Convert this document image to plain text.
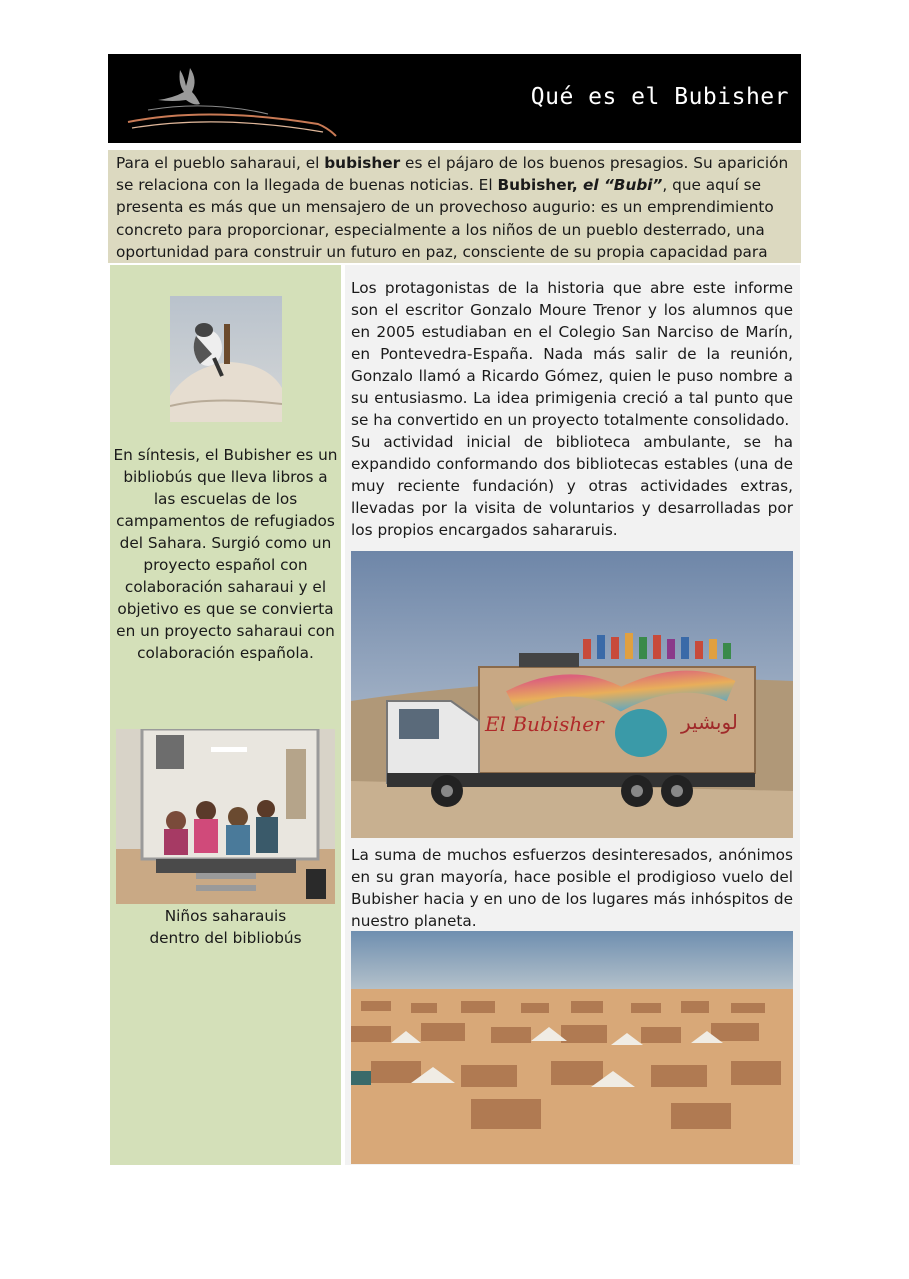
Qué es el Bubisher
Para el pueblo saharaui, el bubisher es el pájaro de los buenos presagios. Su aparición se relaciona con la llegada de buenas noticias. El Bubisher, el “Bubi”, que aquí se presenta es más que un mensajero de un provechoso augurio: es un emprendimiento concreto para proporcionar, especialmente a los niños de un pueblo desterrado, una oportunidad para construir un futuro en paz, consciente de su propia capacidad para
En síntesis, el Bubisher es un bibliobús que lleva libros a las escuelas de los campamentos de refugiados del Sahara. Surgió como un proyecto español con colaboración saharaui y el objetivo es que se convierta en un proyecto saharaui con colaboración española.

Niños saharauis

dentro del bibliobús

Los protagonistas de la historia que abre este informe son el escritor Gonzalo Moure Trenor y los alumnos que en 2005 estudiaban en el Colegio San Narciso de Marín, en Pontevedra-España. Nada más salir de la reunión, Gonzalo llamó a Ricardo Gómez, quien le puso nombre a su entusiasmo. La idea primigenia creció a tal punto que se ha convertido en un proyecto totalmente consolidado.

Su actividad inicial de biblioteca ambulante, se ha expandido conformando dos bibliotecas estables (una de muy reciente fundación) y otras actividades extras, llevadas por la visita de voluntarios y desarrolladas por los propios encargados sahararuis.

El Bubisher	لوبشير
La suma de muchos esfuerzos desinteresados, anónimos en su gran mayoría, hace posible el prodigioso vuelo del Bubisher hacia y en uno de los lugares más inhóspitos de nuestro planeta.
